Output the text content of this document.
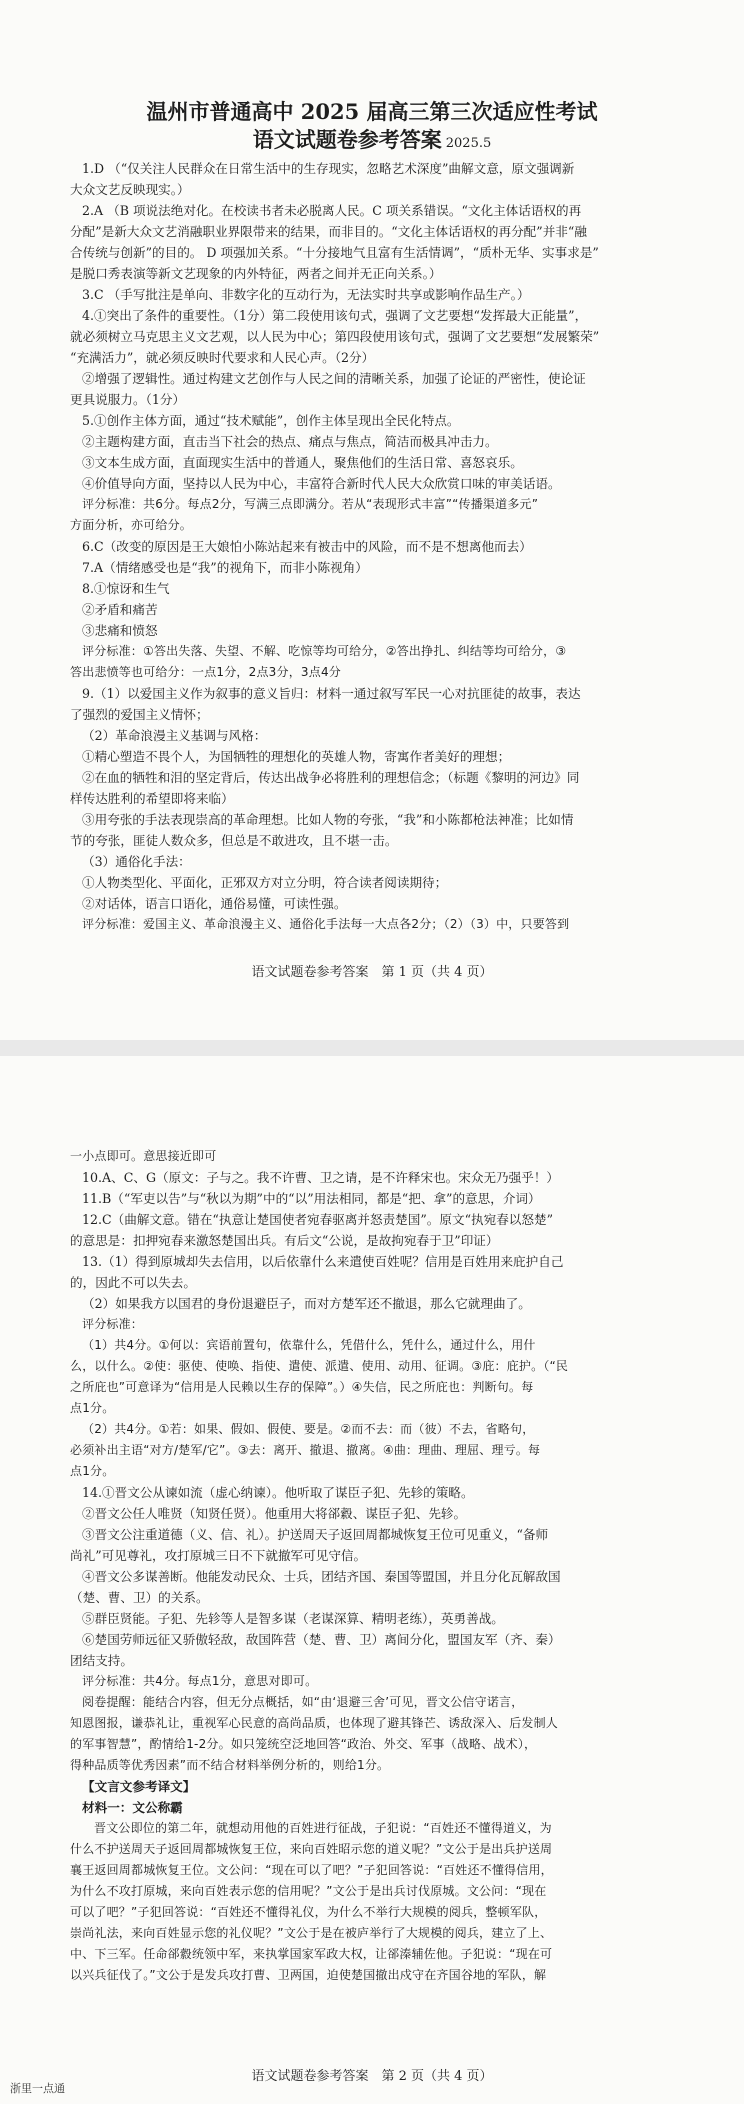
温州市普通高中 2025 届高三第三次适应性考试
语文试题卷参考答案 2025.5
1.D （“仅关注人民群众在日常生活中的生存现实，忽略艺术深度”曲解文意，原文强调新
大众文艺反映现实。）
2.A （B 项说法绝对化。在校读书者未必脱离人民。C 项关系错误。“文化主体话语权的再
分配”是新大众文艺消融职业界限带来的结果，而非目的。“文化主体话语权的再分配”并非“融
合传统与创新”的目的。 D 项强加关系。“十分接地气且富有生活情调”，“质朴无华、实事求是”
是脱口秀表演等新文艺现象的内外特征，两者之间并无正向关系。）
3.C （手写批注是单向、非数字化的互动行为，无法实时共享或影响作品生产。）
4.①突出了条件的重要性。（1分）第二段使用该句式，强调了文艺要想“发挥最大正能量”，
就必须树立马克思主义文艺观，以人民为中心；第四段使用该句式，强调了文艺要想“发展繁荣”
“充满活力”，就必须反映时代要求和人民心声。（2分）
②增强了逻辑性。通过构建文艺创作与人民之间的清晰关系，加强了论证的严密性，使论证
更具说服力。（1分）
5.①创作主体方面，通过“技术赋能”，创作主体呈现出全民化特点。
②主题构建方面，直击当下社会的热点、痛点与焦点，简洁而极具冲击力。
③文本生成方面，直面现实生活中的普通人，聚焦他们的生活日常、喜怒哀乐。
④价值导向方面，坚持以人民为中心，丰富符合新时代人民大众欣赏口味的审美话语。
评分标准：共6分。每点2分，写满三点即满分。若从“表现形式丰富”“传播渠道多元”
方面分析，亦可给分。
6.C（改变的原因是王大娘怕小陈站起来有被击中的风险，而不是不想离他而去）
7.A（情绪感受也是“我”的视角下，而非小陈视角）
8.①惊讶和生气
②矛盾和痛苦
③悲痛和愤怒
评分标准：①答出失落、失望、不解、吃惊等均可给分，②答出挣扎、纠结等均可给分，③
答出悲愤等也可给分：一点1分，2点3分，3点4分
9.（1）以爱国主义作为叙事的意义旨归：材料一通过叙写军民一心对抗匪徒的故事，表达
了强烈的爱国主义情怀；
（2）革命浪漫主义基调与风格：
①精心塑造不畏个人，为国牺牲的理想化的英雄人物，寄寓作者美好的理想；
②在血的牺牲和泪的坚定背后，传达出战争必将胜利的理想信念；（标题《黎明的河边》同
样传达胜利的希望即将来临）
③用夸张的手法表现崇高的革命理想。比如人物的夸张，“我”和小陈都枪法神准；比如情
节的夸张，匪徒人数众多，但总是不敢进攻，且不堪一击。
（3）通俗化手法：
①人物类型化、平面化，正邪双方对立分明，符合读者阅读期待；
②对话体，语言口语化，通俗易懂，可读性强。
评分标准：爱国主义、革命浪漫主义、通俗化手法每一大点各2分；（2）（3）中，只要答到
语文试题卷参考答案　第 1 页（共 4 页）
一小点即可。意思接近即可
10.A、C、G（原文：子与之。我不许曹、卫之请，是不许释宋也。宋众无乃强乎！）
11.B（“军吏以告”与“秋以为期”中的“以”用法相同，都是“把、拿”的意思，介词）
12.C（曲解文意。错在“执意让楚国使者宛春驱离并怒责楚国”。原文“执宛春以怒楚”
的意思是：扣押宛春来激怒楚国出兵。有后文“公说，是故拘宛春于卫”印证）
13.（1）得到原城却失去信用，以后依靠什么来遣使百姓呢？信用是百姓用来庇护自己
的，因此不可以失去。
（2）如果我方以国君的身份退避臣子，而对方楚军还不撤退，那么它就理曲了。
评分标准：
（1）共4分。①何以：宾语前置句，依靠什么，凭借什么，凭什么，通过什么，用什
么，以什么。②使：驱使、使唤、指使、遣使、派遣、使用、动用、征调。③庇：庇护。（“民
之所庇也”可意译为“信用是人民赖以生存的保障”。）④失信，民之所庇也：判断句。每
点1分。
（2）共4分。①若：如果、假如、假使、要是。②而不去：而（彼）不去，省略句，
必须补出主语“对方/楚军/它”。③去：离开、撤退、撤离。④曲：理曲、理屈、理亏。每
点1分。
14.①晋文公从谏如流（虚心纳谏）。他听取了谋臣子犯、先轸的策略。
②晋文公任人唯贤（知贤任贤）。他重用大将郤縠、谋臣子犯、先轸。
③晋文公注重道德（义、信、礼）。护送周天子返回周都城恢复王位可见重义，“备师
尚礼”可见尊礼，攻打原城三日不下就撤军可见守信。
④晋文公多谋善断。他能发动民众、士兵，团结齐国、秦国等盟国，并且分化瓦解敌国
（楚、曹、卫）的关系。
⑤群臣贤能。子犯、先轸等人是智多谋（老谋深算、精明老练），英勇善战。
⑥楚国劳师远征又骄傲轻敌，敌国阵营（楚、曹、卫）离间分化，盟国友军（齐、秦）
团结支持。
评分标准：共4分。每点1分，意思对即可。
阅卷提醒：能结合内容，但无分点概括，如“由‘退避三舍’可见，晋文公信守诺言，
知恩图报，谦恭礼让，重视军心民意的高尚品质，也体现了避其锋芒、诱敌深入、后发制人
的军事智慧”，酌情给1-2分。如只笼统空泛地回答“政治、外交、军事（战略、战术），
得种品质等优秀因素”而不结合材料举例分析的，则给1分。
【文言文参考译文】
材料一：文公称霸
晋文公即位的第二年，就想动用他的百姓进行征战，子犯说：“百姓还不懂得道义，为
什么不护送周天子返回周都城恢复王位，来向百姓昭示您的道义呢？”文公于是出兵护送周
襄王返回周都城恢复王位。文公问：“现在可以了吧？”子犯回答说：“百姓还不懂得信用，
为什么不攻打原城，来向百姓表示您的信用呢？”文公于是出兵讨伐原城。文公问：“现在
可以了吧？”子犯回答说：“百姓还不懂得礼仪，为什么不举行大规模的阅兵，整顿军队，
崇尚礼法，来向百姓显示您的礼仪呢？”文公于是在被庐举行了大规模的阅兵，建立了上、
中、下三军。任命郤縠统领中军，来执掌国家军政大权，让郤溱辅佐他。子犯说：“现在可
以兴兵征伐了。”文公于是发兵攻打曹、卫两国，迫使楚国撤出戍守在齐国谷地的军队，解
语文试题卷参考答案　第 2 页（共 4 页）
浙里一点通
